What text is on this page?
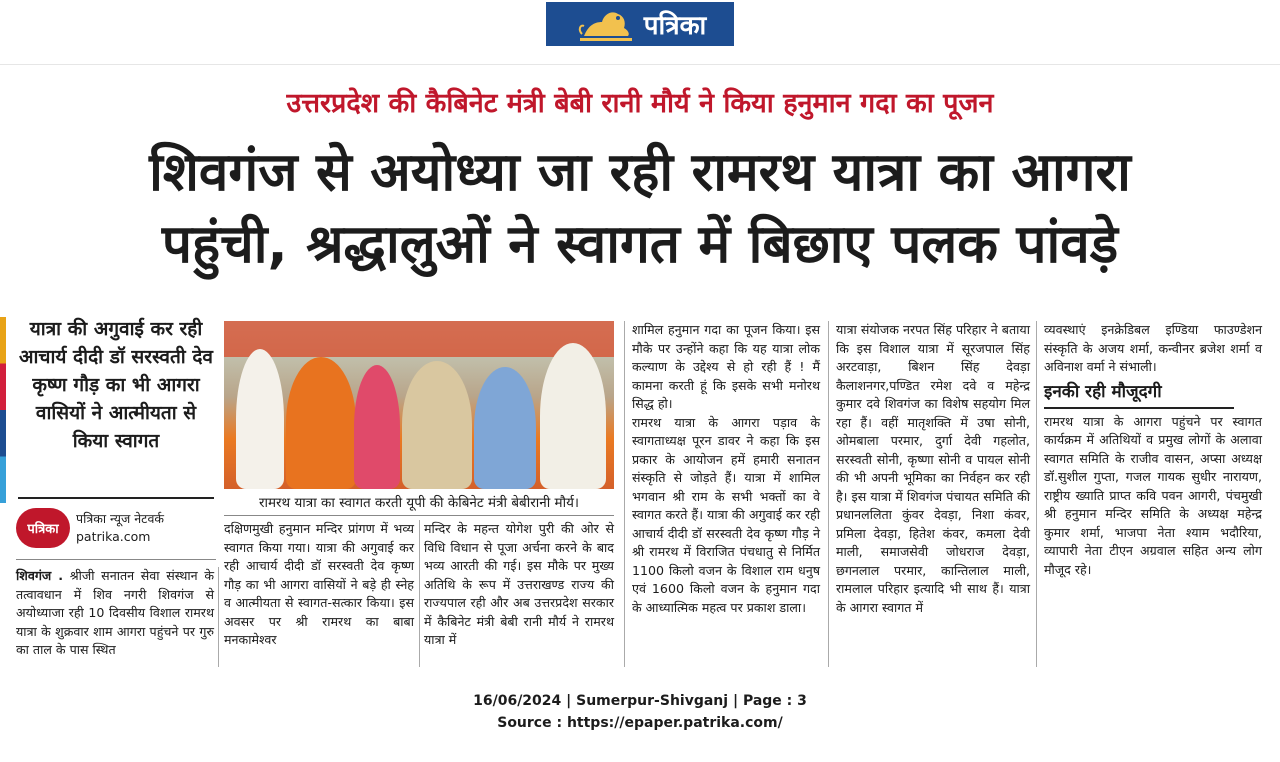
पत्रिका
उत्तरप्रदेश की कैबिनेट मंत्री बेबी रानी मौर्य ने किया हनुमान गदा का पूजन
शिवगंज से अयोध्या जा रही रामरथ यात्रा का आगरा
पहुंची, श्रद्धालुओं ने स्वागत में बिछाए पलक पांवड़े
यात्रा की अगुवाई कर रही आचार्य दीदी डॉ सरस्वती देव कृष्ण गौड़ का भी आगरा वासियों ने आत्मीयता से किया स्वागत
पत्रिका
पत्रिका न्यूज नेटवर्क
patrika.com
रामरथ यात्रा का स्वागत करती यूपी की केबिनेट मंत्री बेबीरानी मौर्य।

शिवगंज . श्रीजी सनातन सेवा संस्थान के तत्वावधान में शिव नगरी शिवगंज से अयोध्याजा रही 10 दिवसीय विशाल रामरथ यात्रा के शुक्रवार शाम आगरा पहुंचने पर गुरु का ताल के पास स्थित

दक्षिणमुखी हनुमान मन्दिर प्रांगण में भव्य स्वागत किया गया। यात्रा की अगुवाई कर रही आचार्य दीदी डॉ सरस्वती देव कृष्ण गौड़ का भी आगरा वासियों ने बड़े ही स्नेह व आत्मीयता से स्वागत-सत्कार किया। इस अवसर पर श्री रामरथ का बाबा मनकामेश्वर

मन्दिर के महन्त योगेश पुरी की ओर से विधि विधान से पूजा अर्चना करने के बाद भव्य आरती की गई। इस मौके पर मुख्य अतिथि के रूप में उत्तराखण्ड राज्य की राज्यपाल रही और अब उत्तरप्रदेश सरकार में कैबिनेट मंत्री बेबी रानी मौर्य ने रामरथ यात्रा में

शामिल हनुमान गदा का पूजन किया। इस मौके पर उन्होंने कहा कि यह यात्रा लोक कल्याण के उद्देश्य से हो रही हैं ! मैं कामना करती हूं कि इसके सभी मनोरथ सिद्ध हो।

रामरथ यात्रा के आगरा पड़ाव के स्वागताध्यक्ष पूरन डावर ने कहा कि इस प्रकार के आयोजन हमें हमारी सनातन संस्कृति से जोड़ते हैं। यात्रा में शामिल भगवान श्री राम के सभी भक्तों का वे स्वागत करते हैं। यात्रा की अगुवाई कर रही आचार्य दीदी डॉ सरस्वती देव कृष्ण गौड़ ने श्री रामरथ में विराजित पंचधातु से निर्मित 1100 किलो वजन के विशाल राम धनुष एवं 1600 किलो वजन के हनुमान गदा के आध्यात्मिक महत्व पर प्रकाश डाला।

यात्रा संयोजक नरपत सिंह परिहार ने बताया कि इस विशाल यात्रा में सूरजपाल सिंह अरटवाड़ा, बिशन सिंह देवड़ा कैलाशनगर,पण्डित रमेश दवे व महेन्द्र कुमार दवे शिवगंज का विशेष सहयोग मिल रहा हैं। वहीं मातृशक्ति में उषा सोनी, ओमबाला परमार, दुर्गा देवी गहलोत, सरस्वती सोनी, कृष्णा सोनी व पायल सोनी की भी अपनी भूमिका का निर्वहन कर रही है। इस यात्रा में शिवगंज पंचायत समिति की प्रधानललिता कुंवर देवड़ा, निशा कंवर, प्रमिला देवड़ा, हितेश कंवर, कमला देवी माली, समाजसेवी जोधराज देवड़ा, छगनलाल परमार, कान्तिलाल माली, रामलाल परिहार इत्यादि भी साथ हैं। यात्रा के आगरा स्वागत में

व्यवस्थाएं इनक्रेडिबल इण्डिया फाउण्डेशन संस्कृति के अजय शर्मा, कन्वीनर ब्रजेश शर्मा व अविनाश वर्मा ने संभाली।

इनकी रही मौजूदगी

रामरथ यात्रा के आगरा पहुंचने पर स्वागत कार्यक्रम में अतिथियों व प्रमुख लोगों के अलावा स्वागत समिति के राजीव वासन, अप्सा अध्यक्ष डॉ.सुशील गुप्ता, गजल गायक सुधीर नारायण, राष्ट्रीय ख्याति प्राप्त कवि पवन आगरी, पंचमुखी श्री हनुमान मन्दिर समिति के अध्यक्ष महेन्द्र कुमार शर्मा, भाजपा नेता श्याम भदौरिया, व्यापारी नेता टीएन अग्रवाल सहित अन्य लोग मौजूद रहे।

16/06/2024 | Sumerpur-Shivganj | Page : 3
Source : https://epaper.patrika.com/
